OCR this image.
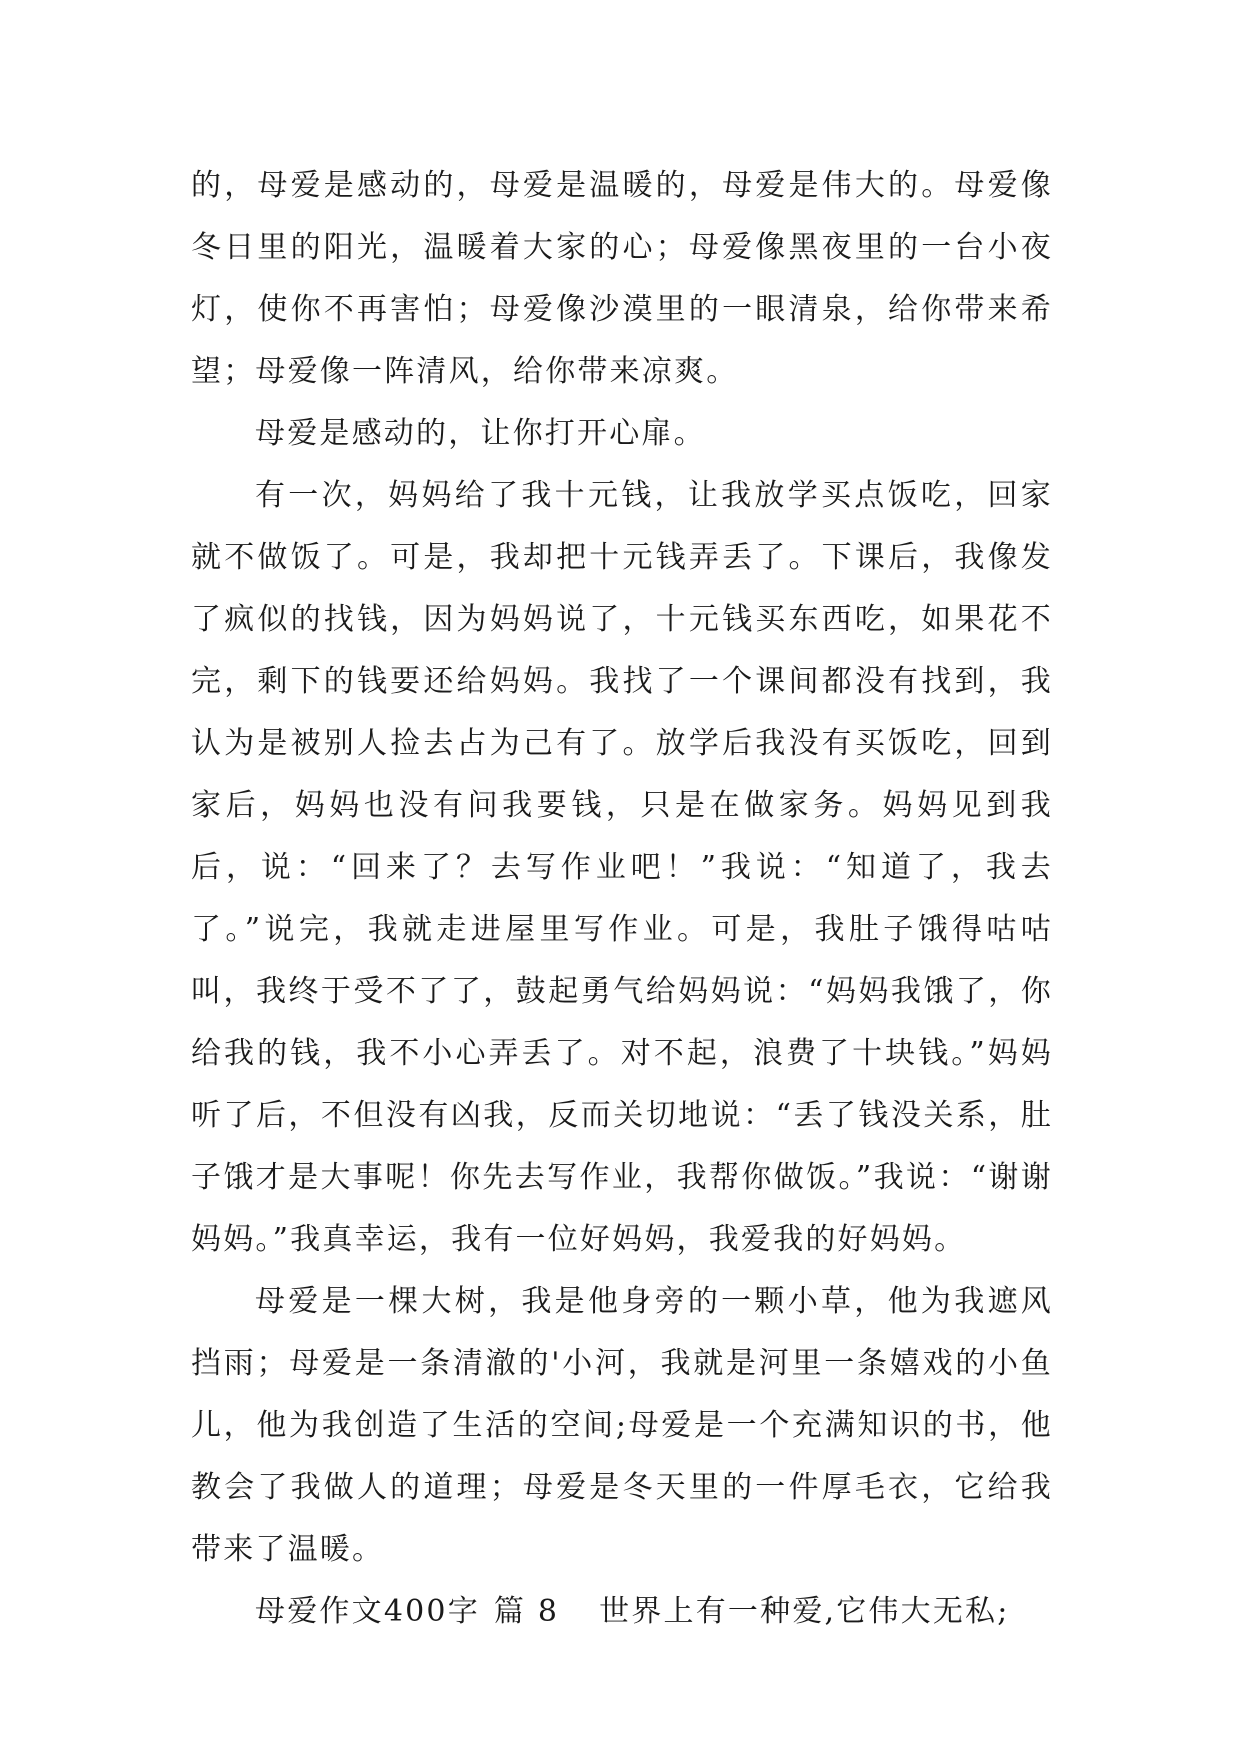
的，母爱是感动的，母爱是温暖的，母爱是伟大的。母爱像冬日里的阳光，温暖着大家的心；母爱像黑夜里的一台小夜灯，使你不再害怕；母爱像沙漠里的一眼清泉，给你带来希望；母爱像一阵清风，给你带来凉爽。

母爱是感动的，让你打开心扉。

有一次，妈妈给了我十元钱，让我放学买点饭吃，回家就不做饭了。可是，我却把十元钱弄丢了。下课后，我像发了疯似的找钱，因为妈妈说了，十元钱买东西吃，如果花不完，剩下的钱要还给妈妈。我找了一个课间都没有找到，我认为是被别人捡去占为己有了。放学后我没有买饭吃，回到家后，妈妈也没有问我要钱，只是在做家务。妈妈见到我后，说：“回来了？去写作业吧！”我说：“知道了，我去了。”说完，我就走进屋里写作业。可是，我肚子饿得咕咕叫，我终于受不了了，鼓起勇气给妈妈说：“妈妈我饿了，你给我的钱，我不小心弄丢了。对不起，浪费了十块钱。”妈妈听了后，不但没有凶我，反而关切地说：“丢了钱没关系，肚子饿才是大事呢！你先去写作业，我帮你做饭。”我说：“谢谢妈妈。”我真幸运，我有一位好妈妈，我爱我的好妈妈。

母爱是一棵大树，我是他身旁的一颗小草，他为我遮风挡雨；母爱是一条清澈的'小河，我就是河里一条嬉戏的小鱼儿，他为我创造了生活的空间;母爱是一个充满知识的书，他教会了我做人的道理；母爱是冬天里的一件厚毛衣，它给我带来了温暖。

母爱作文400字 篇 8 世界上有一种爱,它伟大无私;
